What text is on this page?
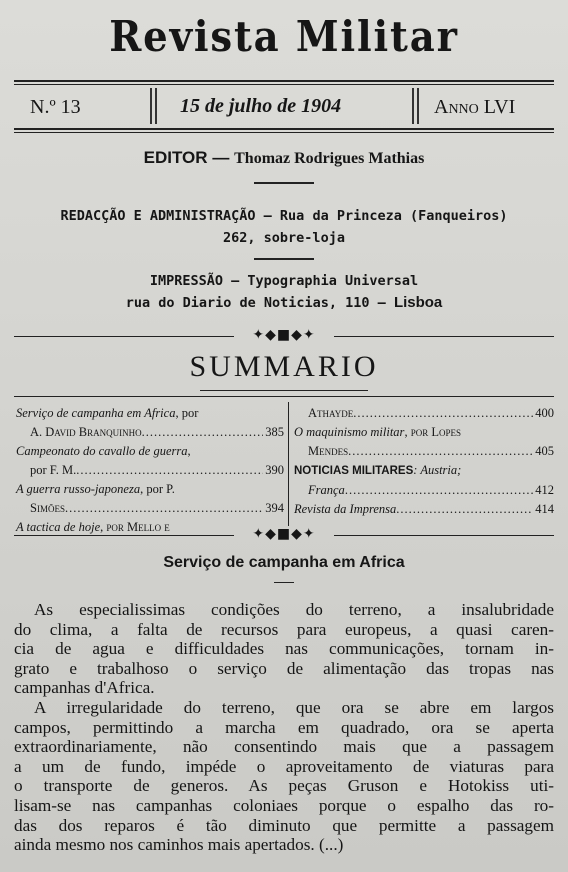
Revista Militar
N.º 13	15 de julho de 1904	Anno LVI
EDITOR — Thomaz Rodrigues Mathias
REDACÇÃO E ADMINISTRAÇÃO — Rua da Princeza (Fanqueiros)
262, sobre-loja
IMPRESSÃO — Typographia Universal
rua do Diario de Noticias, 110 — Lisboa
✦◆■◆✦
SUMMARIO
Serviço de campanha em Africa, por
A. David Branquinho .....	385
Campeonato do cavallo de guerra,
por F. M. .....	390
A guerra russo-japoneza, por P.
Simões .....	394
A tactica de hoje, por Mello e
Athayde .....	400
O maquinismo militar, por Lopes
Mendes .....	405
NOTICIAS MILITARES: Austria;
França .....	412
Revista da Imprensa .....	414
✦◆■◆✦
Serviço de campanha em Africa
As especialissimas condições do terreno, a insalubridade
do clima, a falta de recursos para europeus, a quasi caren-
cia de agua e difficuldades nas communicações, tornam in-
grato e trabalhoso o serviço de alimentação das tropas nas
campanhas d'Africa.
A irregularidade do terreno, que ora se abre em largos
campos, permittindo a marcha em quadrado, ora se aperta
extraordinariamente, não consentindo mais que a passagem
a um de fundo, impéde o aproveitamento de viaturas para
o transporte de generos. As peças Gruson e Hotokiss uti-
lisam-se nas campanhas coloniaes porque o espalho das ro-
das dos reparos é tão diminuto que permitte a passagem
ainda mesmo nos caminhos mais apertados. (...)
